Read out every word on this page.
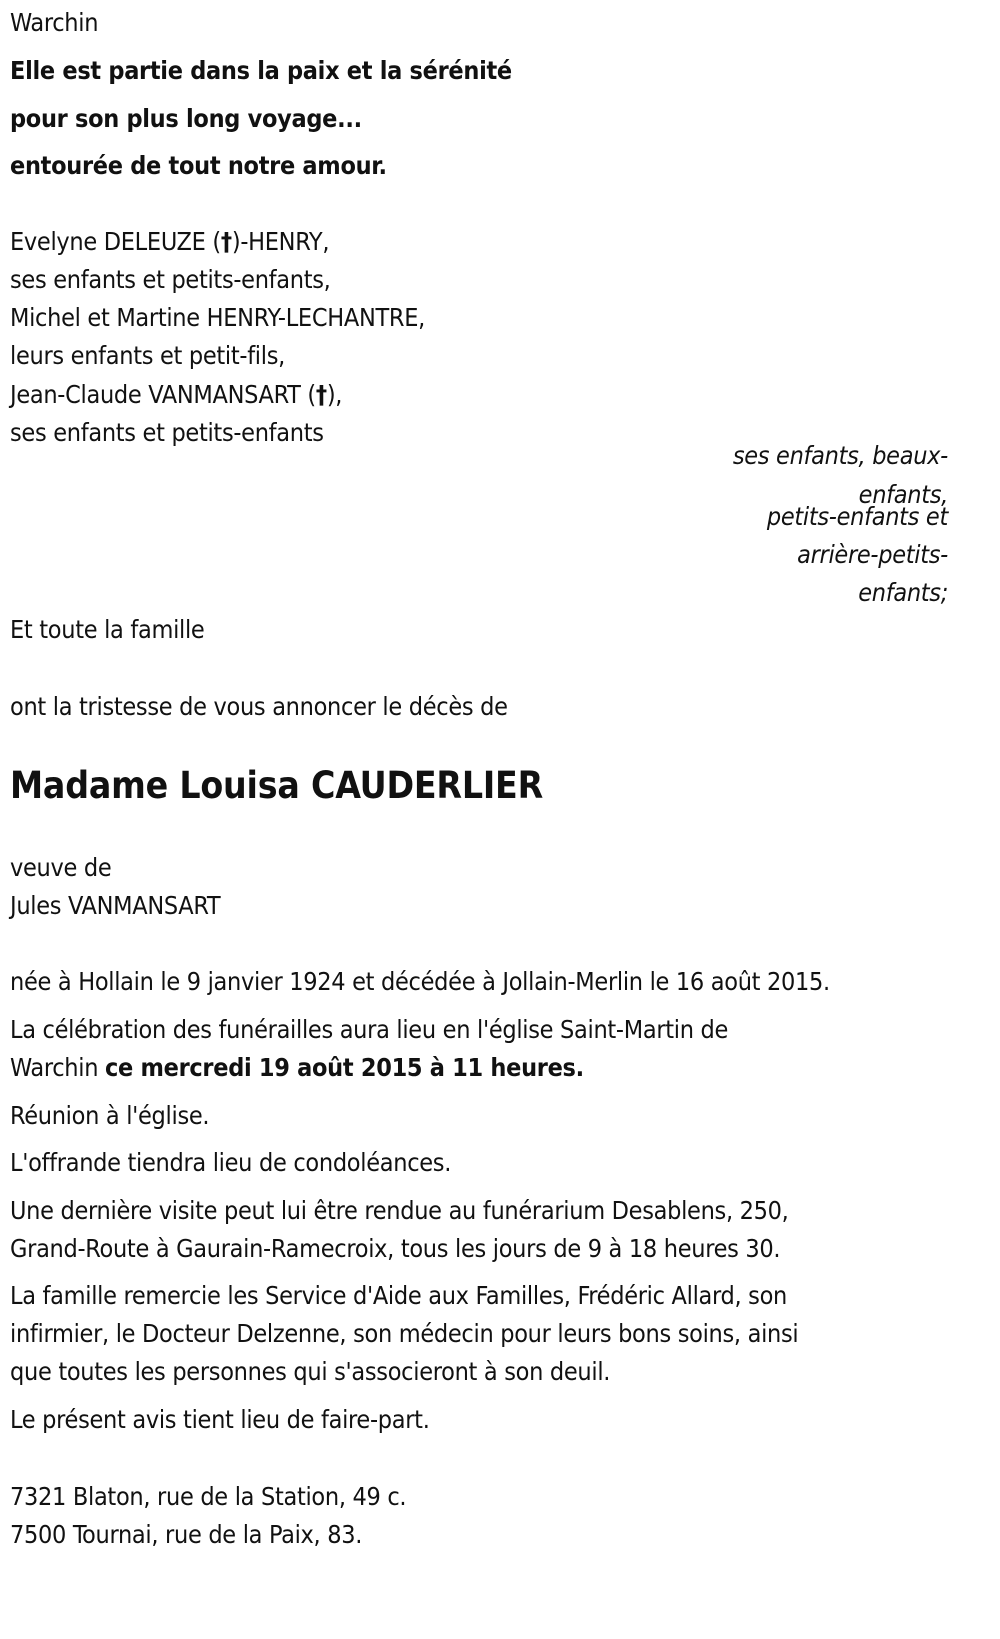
Warchin
Elle est partie dans la paix et la sérénité
pour son plus long voyage...
entourée de tout notre amour.
Evelyne DELEUZE (†)-HENRY,
ses enfants et petits-enfants,
Michel et Martine HENRY-LECHANTRE,
leurs enfants et petit-fils,
Jean-Claude VANMANSART (†),
ses enfants et petits-enfants
ses enfants, beaux-
enfants,
petits-enfants et
arrière-petits-
enfants;
Et toute la famille
ont la tristesse de vous annoncer le décès de
Madame Louisa CAUDERLIER
veuve de
Jules VANMANSART
née à Hollain le 9 janvier 1924 et décédée à Jollain-Merlin le 16 août 2015.
La célébration des funérailles aura lieu en l'église Saint-Martin de
Warchin ce mercredi 19 août 2015 à 11 heures.
Réunion à l'église.
L'offrande tiendra lieu de condoléances.
Une dernière visite peut lui être rendue au funérarium Desablens, 250,
Grand-Route à Gaurain-Ramecroix, tous les jours de 9 à 18 heures 30.
La famille remercie les Service d'Aide aux Familles, Frédéric Allard, son
infirmier, le Docteur Delzenne, son médecin pour leurs bons soins, ainsi
que toutes les personnes qui s'associeront à son deuil.
Le présent avis tient lieu de faire-part.
7321 Blaton, rue de la Station, 49 c.
7500 Tournai, rue de la Paix, 83.
